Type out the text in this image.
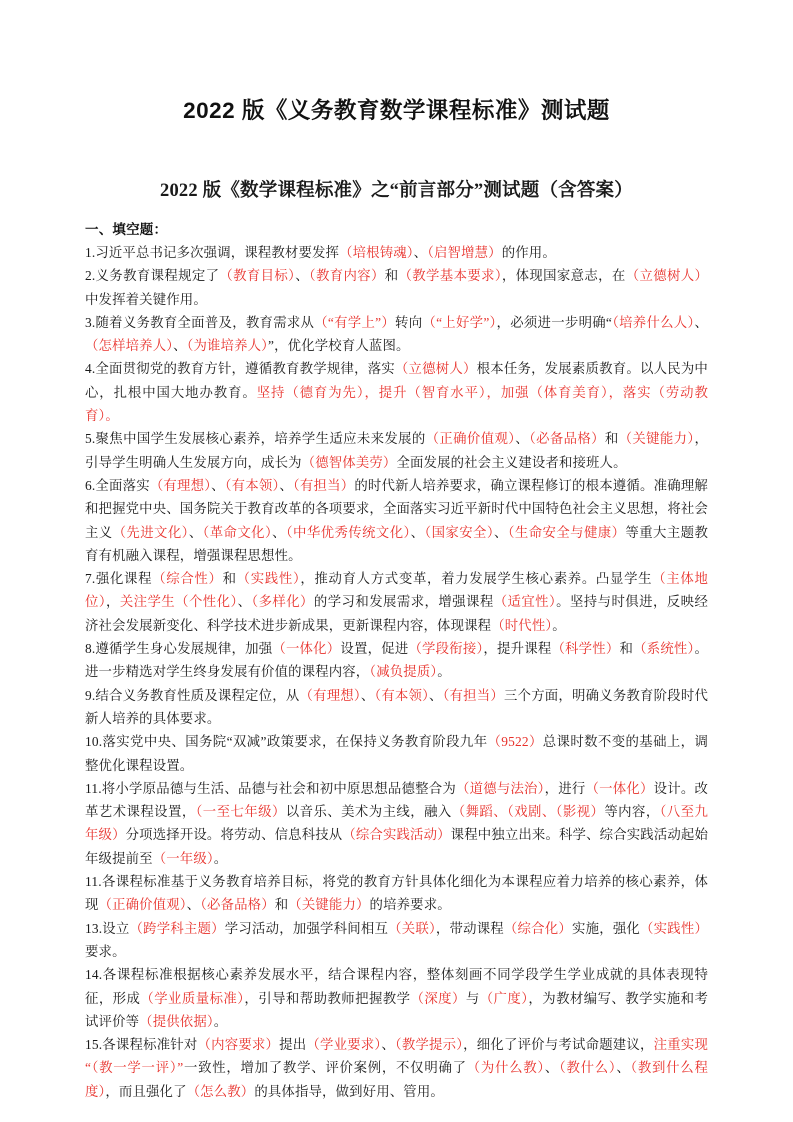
2022 版《义务教育数学课程标准》测试题
2022 版《数学课程标准》之“前言部分”测试题（含答案）
一、填空题：
1.习近平总书记多次强调，课程教材要发挥（培根铸魂）、（启智增慧）的作用。
2.义务教育课程规定了（教育目标）、（教育内容）和（教学基本要求），体现国家意志，在（立德树人）中发挥着关键作用。
3.随着义务教育全面普及，教育需求从（“有学上”）转向（“上好学”），必须进一步明确“（培养什么人）、（怎样培养人）、（为谁培养人）”，优化学校育人蓝图。
4.全面贯彻党的教育方针，遵循教育教学规律，落实（立德树人）根本任务，发展素质教育。以人民为中心，扎根中国大地办教育。坚持（德育为先），提升（智育水平），加强（体育美育），落实（劳动教育）。
5.聚焦中国学生发展核心素养，培养学生适应未来发展的（正确价值观）、（必备品格）和（关键能力），引导学生明确人生发展方向，成长为（德智体美劳）全面发展的社会主义建设者和接班人。
6.全面落实（有理想）、（有本领）、（有担当）的时代新人培养要求，确立课程修订的根本遵循。准确理解和把握党中央、国务院关于教育改革的各项要求，全面落实习近平新时代中国特色社会主义思想，将社会主义（先进文化）、（革命文化）、（中华优秀传统文化）、（国家安全）、（生命安全与健康）等重大主题教育有机融入课程，增强课程思想性。
7.强化课程（综合性）和（实践性），推动育人方式变革，着力发展学生核心素养。凸显学生（主体地位），关注学生（个性化）、（多样化）的学习和发展需求，增强课程（适宜性）。坚持与时俱进，反映经济社会发展新变化、科学技术进步新成果，更新课程内容，体现课程（时代性）。
8.遵循学生身心发展规律，加强（一体化）设置，促进（学段衔接），提升课程（科学性）和（系统性）。进一步精选对学生终身发展有价值的课程内容，（减负提质）。
9.结合义务教育性质及课程定位，从（有理想）、（有本领）、（有担当）三个方面，明确义务教育阶段时代新人培养的具体要求。
10.落实党中央、国务院“双减”政策要求，在保持义务教育阶段九年（9522）总课时数不变的基础上，调整优化课程设置。
11.将小学原品德与生活、品德与社会和初中原思想品德整合为（道德与法治），进行（一体化）设计。改革艺术课程设置，（一至七年级）以音乐、美术为主线，融入（舞蹈、（戏剧、（影视）等内容，（八至九年级）分项选择开设。将劳动、信息科技从（综合实践活动）课程中独立出来。科学、综合实践活动起始年级提前至（一年级）。
11.各课程标准基于义务教育培养目标，将党的教育方针具体化细化为本课程应着力培养的核心素养，体现（正确价值观）、（必备品格）和（关键能力）的培养要求。
13.设立（跨学科主题）学习活动，加强学科间相互（关联），带动课程（综合化）实施，强化（实践性）要求。
14.各课程标准根据核心素养发展水平，结合课程内容，整体刻画不同学段学生学业成就的具体表现特征，形成（学业质量标准），引导和帮助教师把握教学（深度）与（广度），为教材编写、教学实施和考试评价等（提供依据）。
15.各课程标准针对（内容要求）提出（学业要求）、（教学提示），细化了评价与考试命题建议，注重实现“（教一学一评）”一致性，增加了教学、评价案例，不仅明确了（为什么教）、（教什么）、（教到什么程度），而且强化了（怎么教）的具体指导，做到好用、管用。
